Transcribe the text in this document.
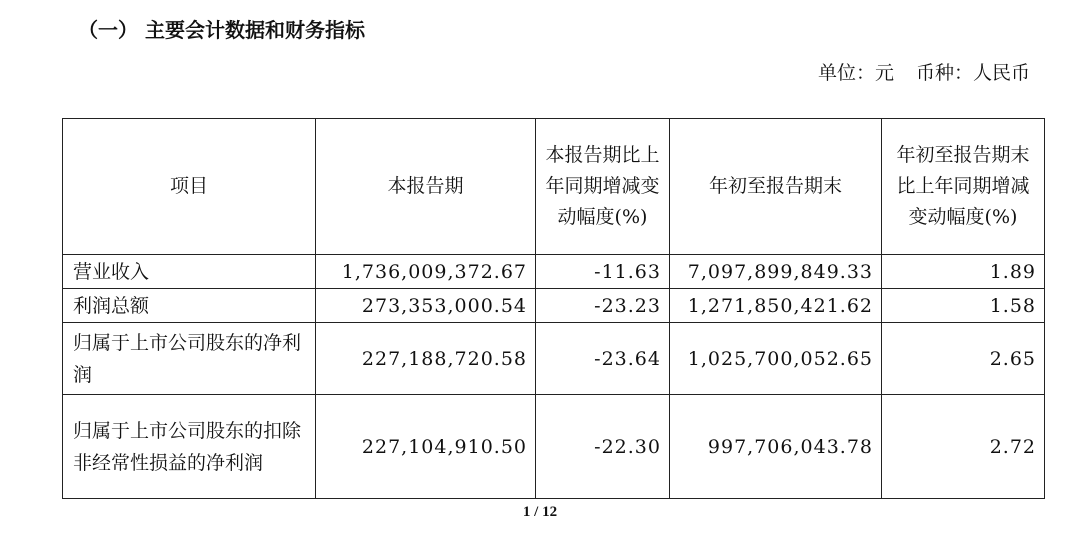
（一） 主要会计数据和财务指标
单位：元 币种：人民币
项目	本报告期	本报告期比上年同期增减变动幅度(%)	年初至报告期末	年初至报告期末比上年同期增减变动幅度(%)
营业收入	1,736,009,372.67	-11.63	7,097,899,849.33	1.89
利润总额	273,353,000.54	-23.23	1,271,850,421.62	1.58
归属于上市公司股东的净利润	227,188,720.58	-23.64	1,025,700,052.65	2.65
归属于上市公司股东的扣除非经常性损益的净利润	227,104,910.50	-22.30	997,706,043.78	2.72
1 / 12
